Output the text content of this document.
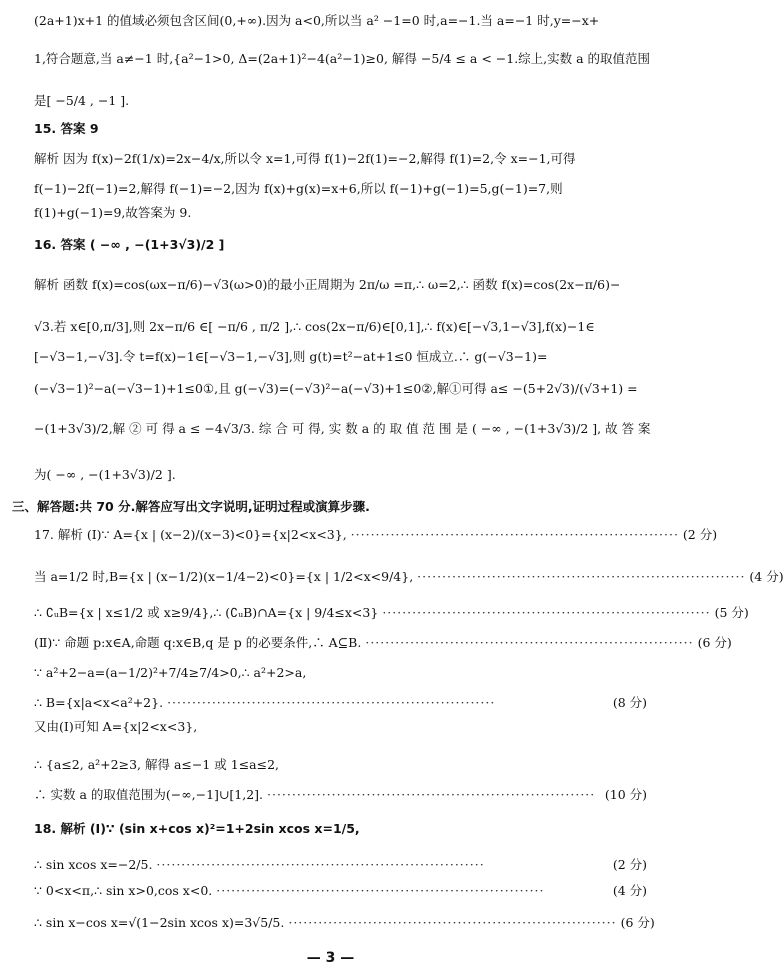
(2a+1)x+1 的值域必须包含区间(0,+∞).因为 a<0,所以当 a² −1=0 时,a=−1.当 a=−1 时,y=−x+
1,符合题意,当 a≠−1 时,{a²−1>0, Δ=(2a+1)²−4(a²−1)≥0, 解得 −5/4 ≤ a < −1.综上,实数 a 的取值范围
是[ −5/4 , −1 ].
15. 答案 9
解析 因为 f(x)−2f(1/x)=2x−4/x,所以令 x=1,可得 f(1)−2f(1)=−2,解得 f(1)=2,令 x=−1,可得
f(−1)−2f(−1)=2,解得 f(−1)=−2,因为 f(x)+g(x)=x+6,所以 f(−1)+g(−1)=5,g(−1)=7,则
f(1)+g(−1)=9,故答案为 9.
16. 答案 ( −∞ , −(1+3√3)/2 ]
解析 函数 f(x)=cos(ωx−π/6)−√3(ω>0)的最小正周期为 2π/ω =π,∴ ω=2,∴ 函数 f(x)=cos(2x−π/6)−
√3.若 x∈[0,π/3],则 2x−π/6 ∈[ −π/6 , π/2 ],∴ cos(2x−π/6)∈[0,1],∴ f(x)∈[−√3,1−√3],f(x)−1∈
[−√3−1,−√3].令 t=f(x)−1∈[−√3−1,−√3],则 g(t)=t²−at+1≤0 恒成立.∴ g(−√3−1)=
(−√3−1)²−a(−√3−1)+1≤0①,且 g(−√3)=(−√3)²−a(−√3)+1≤0②,解①可得 a≤ −(5+2√3)/(√3+1) =
−(1+3√3)/2,解 ② 可 得 a ≤ −4√3/3. 综 合 可 得, 实 数 a 的 取 值 范 围 是 ( −∞ , −(1+3√3)/2 ], 故 答 案
为( −∞ , −(1+3√3)/2 ].
三、解答题:共 70 分.解答应写出文字说明,证明过程或演算步骤.
17. 解析 (Ⅰ)∵ A={x | (x−2)/(x−3)<0}={x|2<x<3}, ·································································· (2 分)
当 a=1/2 时,B={x | (x−1/2)(x−1/4−2)<0}={x | 1/2<x<9/4}, ·································································· (4 分)
∴ ∁ᵤB={x | x≤1/2 或 x≥9/4},∴ (∁ᵤB)∩A={x | 9/4≤x<3} ·································································· (5 分)
(Ⅱ)∵ 命题 p:x∈A,命题 q:x∈B,q 是 p 的必要条件,∴ A⊆B. ·································································· (6 分)
∵ a²+2−a=(a−1/2)²+7/4≥7/4>0,∴ a²+2>a,
∴ B={x|a<x<a²+2}. ··································································	(8 分)
又由(Ⅰ)可知 A={x|2<x<3},
∴ {a≤2, a²+2≥3, 解得 a≤−1 或 1≤a≤2,
∴ 实数 a 的取值范围为(−∞,−1]∪[1,2]. ·································································· (10 分)
18. 解析 (Ⅰ)∵ (sin x+cos x)²=1+2sin xcos x=1/5,
∴ sin xcos x=−2/5. ··································································	(2 分)
∵ 0<x<π,∴ sin x>0,cos x<0. ··································································	(4 分)
∴ sin x−cos x=√(1−2sin xcos x)=3√5/5. ·································································· (6 分)
— 3 —
